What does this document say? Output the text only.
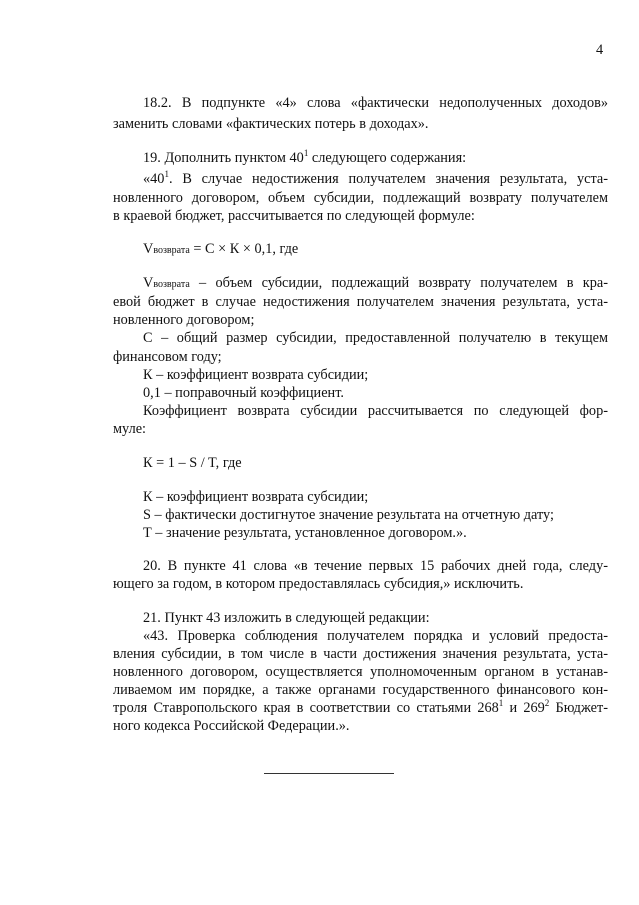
4
18.2. В подпункте «4» слова «фактически недополученных доходов»
заменить словами «фактических потерь в доходах».
19. Дополнить пунктом $40^1$ следующего содержания:
«$40^1$. В случае недостижения получателем значения результата, уста-
новленного договором, объем субсидии, подлежащий возврату получателем
в краевой бюджет, рассчитывается по следующей формуле:
Vвозврата = С × К × 0,1, где
Vвозврата – объем субсидии, подлежащий возврату получателем в кра-
евой бюджет в случае недостижения получателем значения результата, уста-
новленного договором;
С – общий размер субсидии, предоставленной получателю в текущем
финансовом году;
К – коэффициент возврата субсидии;
0,1 – поправочный коэффициент.
Коэффициент возврата субсидии рассчитывается по следующей фор-
муле:
К = 1 – S / T, где
К – коэффициент возврата субсидии;
S – фактически достигнутое значение результата на отчетную дату;
Т – значение результата, установленное договором.».
20. В пункте 41 слова «в течение первых 15 рабочих дней года, следу-
ющего за годом, в котором предоставлялась субсидия,» исключить.
21. Пункт 43 изложить в следующей редакции:
«43. Проверка соблюдения получателем порядка и условий предоста-
вления субсидии, в том числе в части достижения значения результата, уста-
новленного договором, осуществляется уполномоченным органом в устанав-
ливаемом им порядке, а также органами государственного финансового кон-
троля Ставропольского края в соответствии со статьями $268^1$ и $269^2$ Бюджет-
ного кодекса Российской Федерации.».
